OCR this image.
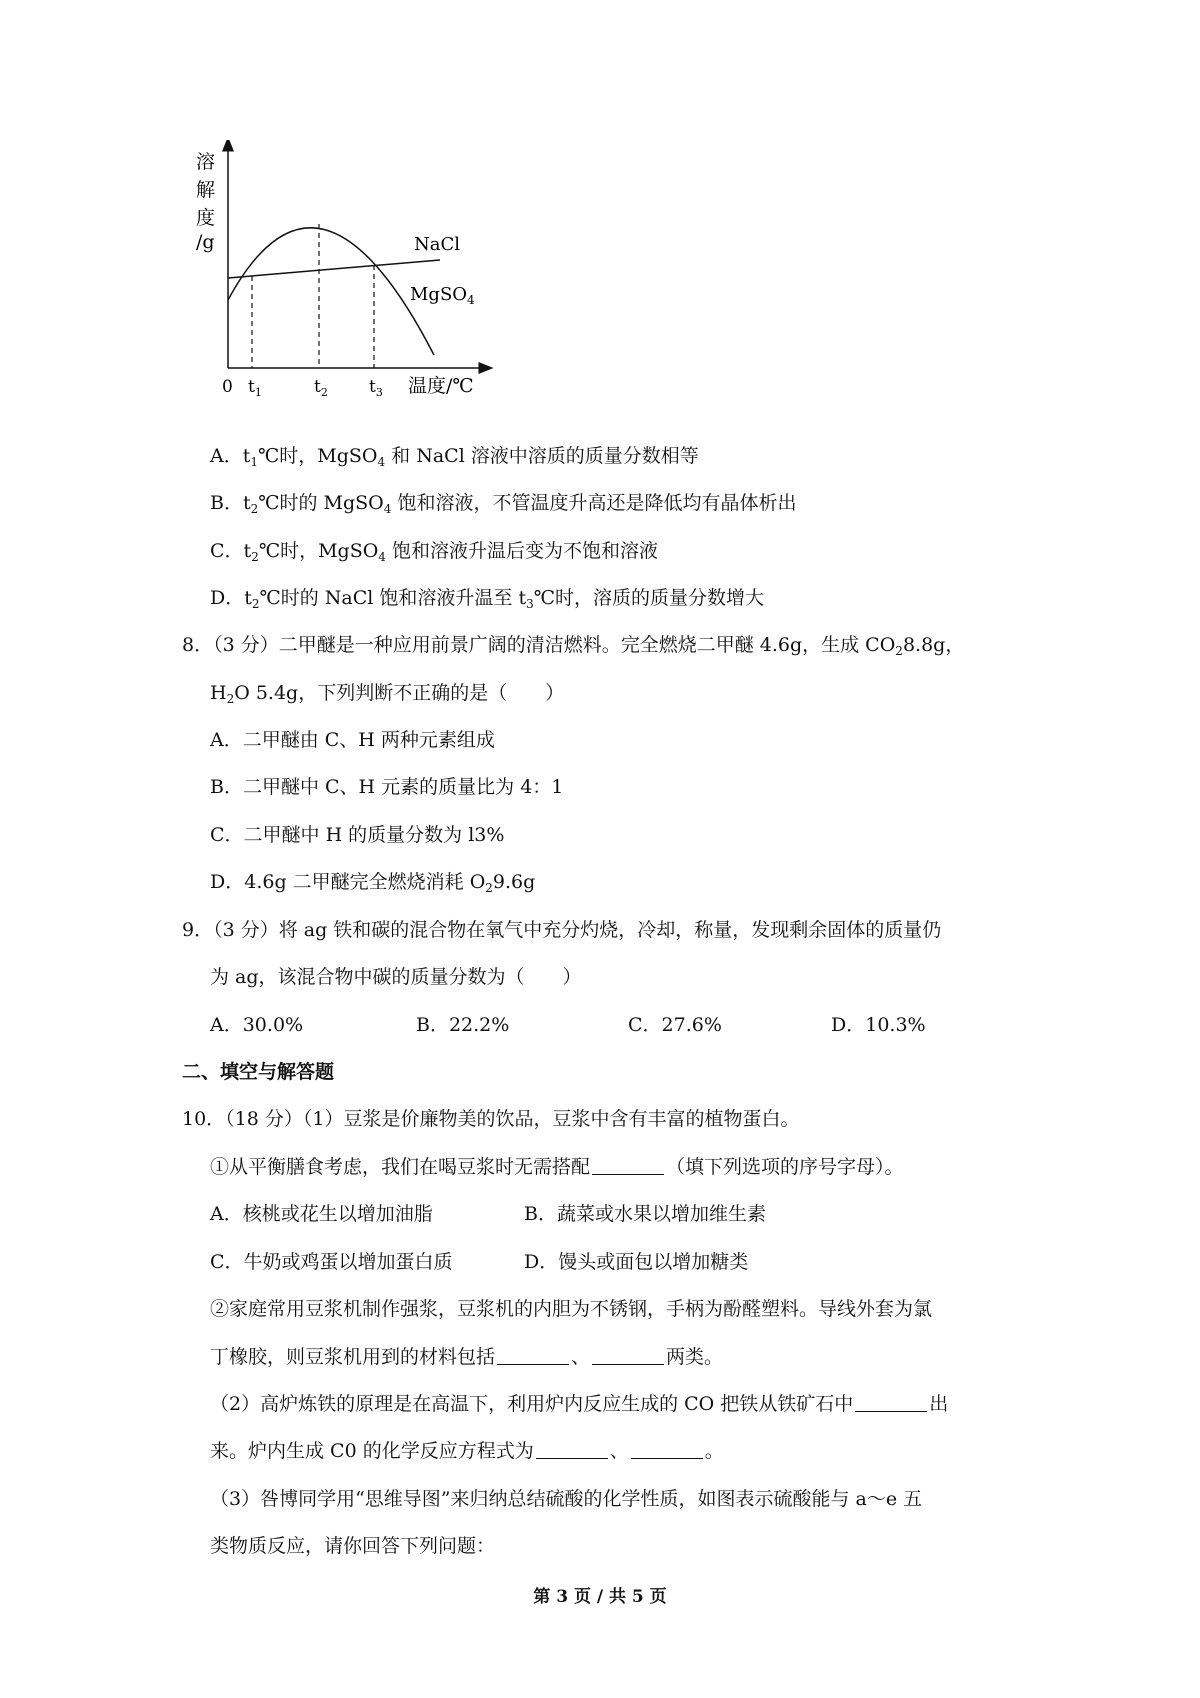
溶
解
度
/g	NaCl
MgSO$_4$
0 $t_1$	$t_2$ $t_3$ 温度/℃
A．$t_1℃$时，MgSO$_4$ 和 NaCl 溶液中溶质的质量分数相等
B．$t_2℃$时的 MgSO$_4$ 饱和溶液，不管温度升高还是降低均有晶体析出
C．$t_2℃$时，MgSO$_4$ 饱和溶液升温后变为不饱和溶液
D．$t_2℃$时的 NaCl 饱和溶液升温至 $t_3℃$时，溶质的质量分数增大
8．（3 分）二甲醚是一种应用前景广阔的清洁燃料。完全燃烧二甲醚 4.6g，生成 $CO_28.8g$，
$H_2O$ 5.4g，下列判断不正确的是（　　）
A．二甲醚由 C、H 两种元素组成
B．二甲醚中 C、H 元素的质量比为 4：1
C．二甲醚中 H 的质量分数为 l3%
D．4.6g 二甲醚完全燃烧消耗 $O_29.6g$
9．（3 分）将 ag 铁和碳的混合物在氧气中充分灼烧，冷却，称量，发现剩余固体的质量仍
为 ag，该混合物中碳的质量分数为（　　）
A．30.0%	B．22.2%	C．27.6%	D．10.3%
二、填空与解答题
10．（18 分）（1）豆浆是价廉物美的饮品，豆浆中含有丰富的植物蛋白。
①从平衡膳食考虑，我们在喝豆浆时无需搭配	（填下列选项的序号字母）。
A．核桃或花生以增加油脂	B．蔬菜或水果以增加维生素
C．牛奶或鸡蛋以增加蛋白质	D．馒头或面包以增加糖类
②家庭常用豆浆机制作强浆，豆浆机的内胆为不锈钢，手柄为酚醛塑料。导线外套为氯
丁橡胶，则豆浆机用到的材料包括	、	两类。
（2）高炉炼铁的原理是在高温下，利用炉内反应生成的 CO 把铁从铁矿石中	出
来。炉内生成 C0 的化学反应方程式为	、	。
（3）咎博同学用“思维导图”来归纳总结硫酸的化学性质，如图表示硫酸能与 a～e 五
类物质反应，请你回答下列问题：
第 3 页 / 共 5 页
